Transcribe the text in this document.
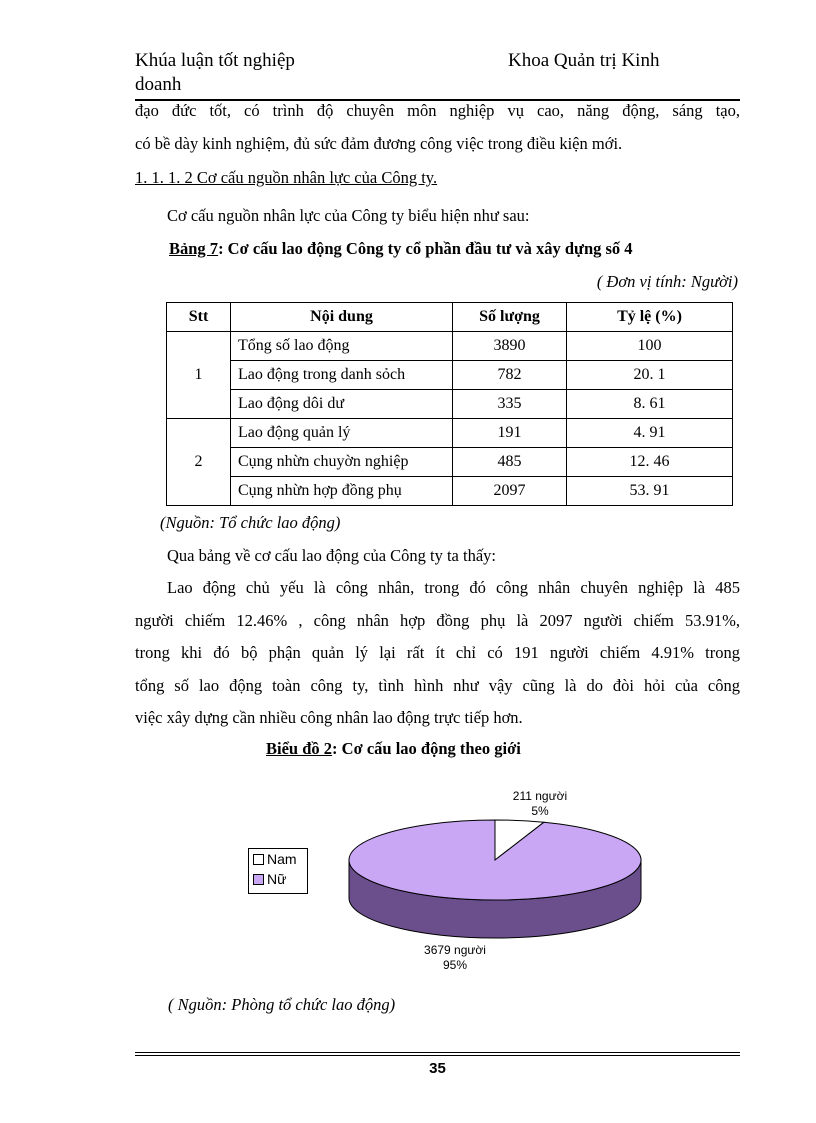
Khúa luận tốt nghiệp
doanh
Khoa Quản trị Kinh
đạo đức tốt, có trình độ chuyên môn nghiệp vụ cao, năng động, sáng tạo,
có bề dày kinh nghiệm, đủ sức đảm đương công việc trong điều kiện mới.
1. 1. 1. 2 Cơ cấu nguồn nhân lực của Công ty.
Cơ cấu nguồn nhân lực của Công ty biểu hiện như sau:
Bảng 7: Cơ cấu lao động Công ty cổ phần đầu tư và xây dựng số 4
( Đơn vị tính: Người)
Stt	Nội dung	Số lượng	Tỷ lệ (%)
1	Tổng số lao động	3890	100
	Lao động trong danh sỏch	782	20. 1
	Lao động dôi dư	335	8. 61
2	Lao động quản lý	191	4. 91
	Cụng nhừn chuyờn nghiệp	485	12. 46
	Cụng nhừn hợp đồng phụ	2097	53. 91
(Nguồn: Tổ chức lao động)
Qua bảng về cơ cấu lao động của Công ty ta thấy:
Lao động chủ yếu là công nhân, trong đó công nhân chuyên nghiệp là 485
người chiếm 12.46% , công nhân hợp đồng phụ là 2097 người chiếm 53.91%,
trong khi đó bộ phận quản lý lại rất ít chỉ có 191 người chiếm 4.91% trong
tổng số lao động toàn công ty, tình hình như vậy cũng là do đòi hỏi của công
việc xây dựng cần nhiều công nhân lao động trực tiếp hơn.
Biểu đồ 2: Cơ cấu lao động theo giới
Nam
Nữ
211 người
5%
3679 người
95%
( Nguồn: Phòng tổ chức lao động)
35
